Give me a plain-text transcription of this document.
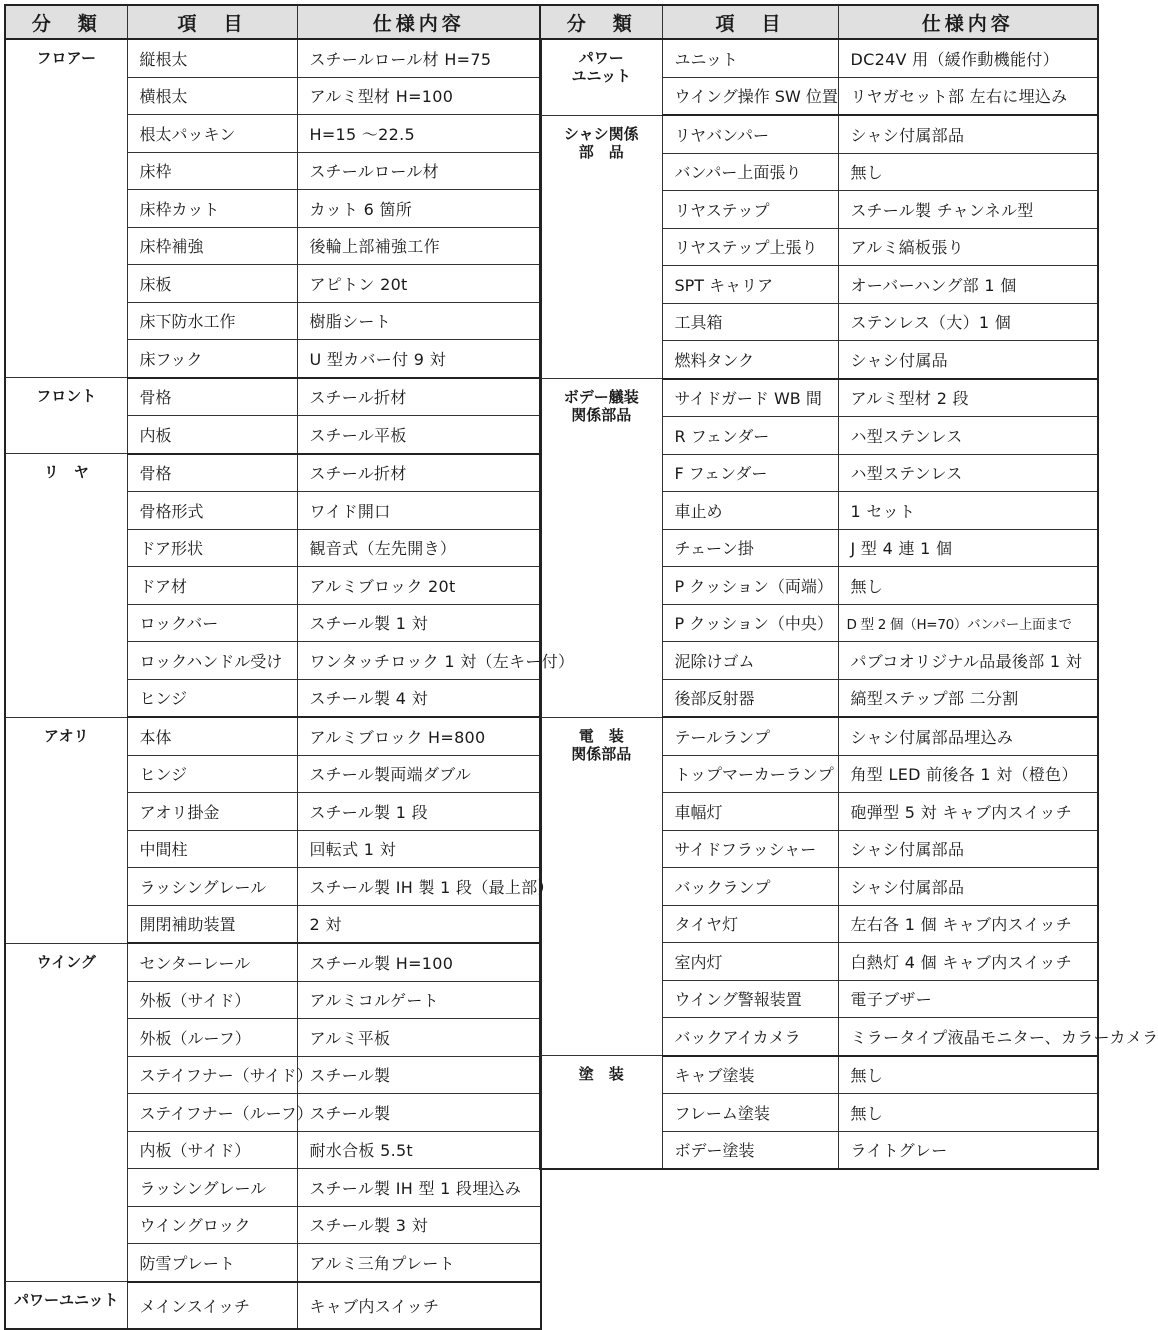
分　類	項　目	仕様内容
フロアー	縦根太	スチールロール材 H=75
	横根太	アルミ型材 H=100
	根太パッキン	H=15 ～22.5
	床枠	スチールロール材
	床枠カット	カット 6 箇所
	床枠補強	後輪上部補強工作
	床板	アピトン 20t
	床下防水工作	樹脂シート
	床フック	U 型カバー付 9 対
フロント	骨格	スチール折材
	内板	スチール平板
リ　ヤ	骨格	スチール折材
	骨格形式	ワイド開口
	ドア形状	観音式（左先開き）
	ドア材	アルミブロック 20t
	ロックバー	スチール製 1 対
	ロックハンドル受け	ワンタッチロック 1 対（左キー付）
	ヒンジ	スチール製 4 対
アオリ	本体	アルミブロック H=800
	ヒンジ	スチール製両端ダブル
	アオリ掛金	スチール製 1 段
	中間柱	回転式 1 対
	ラッシングレール	スチール製 IH 製 1 段（最上部）
	開閉補助装置	2 対
ウイング	センターレール	スチール製 H=100
	外板（サイド）	アルミコルゲート
	外板（ルーフ）	アルミ平板
	ステイフナー（サイド）	スチール製
	ステイフナー（ルーフ）	スチール製
	内板（サイド）	耐水合板 5.5t
	ラッシングレール	スチール製 IH 型 1 段埋込み
	ウイングロック	スチール製 3 対
	防雪プレート	アルミ三角プレート
パワーユニット	メインスイッチ	キャブ内スイッチ
分　類	項　目	仕様内容
パワー
ユニット	ユニット	DC24V 用（緩作動機能付）
	ウイング操作 SW 位置	リヤガセット部 左右に埋込み
シャシ関係
部　品	リヤバンパー	シャシ付属部品
	バンパー上面張り	無し
	リヤステップ	スチール製 チャンネル型
	リヤステップ上張り	アルミ縞板張り
	SPT キャリア	オーバーハング部 1 個
	工具箱	ステンレス（大）1 個
	燃料タンク	シャシ付属品
ボデー艤装
関係部品	サイドガード WB 間	アルミ型材 2 段
	R フェンダー	ハ型ステンレス
	F フェンダー	ハ型ステンレス
	車止め	1 セット
	チェーン掛	J 型 4 連 1 個
	P クッション（両端）	無し
	P クッション（中央）	D 型 2 個（H=70）バンパー上面まで
	泥除けゴム	パブコオリジナル品最後部 1 対
	後部反射器	縞型ステップ部 二分割
電　装
関係部品	テールランプ	シャシ付属部品埋込み
	トップマーカーランプ	角型 LED 前後各 1 対（橙色）
	車幅灯	砲弾型 5 対 キャブ内スイッチ
	サイドフラッシャー	シャシ付属部品
	バックランプ	シャシ付属部品
	タイヤ灯	左右各 1 個 キャブ内スイッチ
	室内灯	白熱灯 4 個 キャブ内スイッチ
	ウイング警報装置	電子ブザー
	バックアイカメラ	ミラータイプ液晶モニター、カラーカメラ
塗　装	キャブ塗装	無し
	フレーム塗装	無し
	ボデー塗装	ライトグレー
